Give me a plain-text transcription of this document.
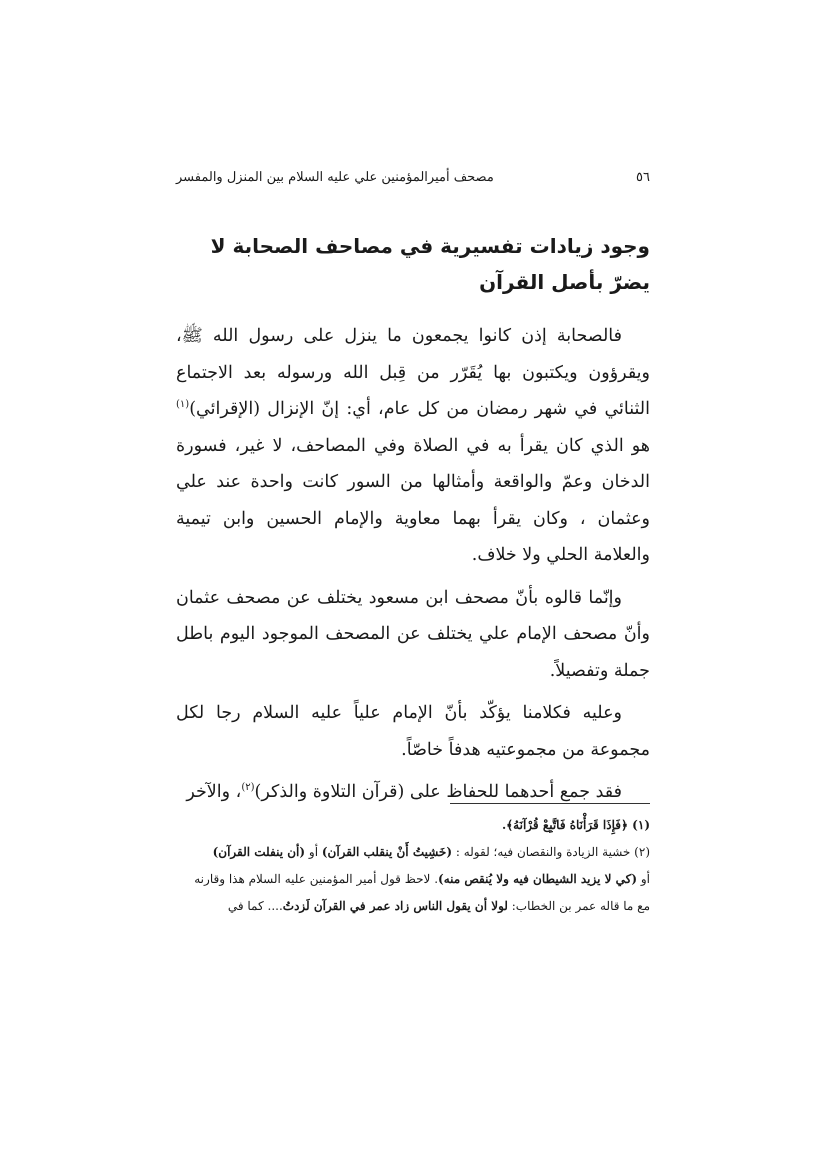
٥٦
مصحف أميرالمؤمنين علي عليه السلام بين المنزل والمفسر
وجود زيادات تفسيرية في مصاحف الصحابة لا يضرّ بأصل القرآن

فالصحابة إذن كانوا يجمعون ما ينزل على رسول الله ﷺ، ويقرؤون ويكتبون بها يُقَرّر من قِبل الله ورسوله بعد الاجتماع الثنائي في شهر رمضان من كل عام، أي: إنّ الإنزال (الإقرائي)$^{(١)}$ هو الذي كان يقرأ به في الصلاة وفي المصاحف، لا غير، فسورة الدخان وعمّ والواقعة وأمثالها من السور كانت واحدة عند علي وعثمان ، وكان يقرأ بهما معاوية والإمام الحسين وابن تيمية والعلامة الحلي ولا خلاف.

وإنّما قالوه بأنّ مصحف ابن مسعود يختلف عن مصحف عثمان وأنّ مصحف الإمام علي يختلف عن المصحف الموجود اليوم باطل جملة وتفصيلاً.

وعليه فكلامنا يؤكّد بأنّ الإمام علياً عليه السلام رجا لكل مجموعة من مجموعتيه هدفاً خاصّاً.

فقد جمع أحدهما للحفاظ على (قرآن التلاوة والذكر)$^{(٢)}$، والآخر

(١) ﴿فَإِذَا قَرَأْنَاهُ فَاتَّبِعْ قُرْآنَهُ﴾.

(٢) خشية الزيادة والنقصان فيه؛ لقوله : (خَشِيتُ أَنْ ينقلب القرآن) أو (أن ينفلت القرآن)

أو (كي لا يزيد الشيطان فيه ولا يُنقص منه). لاحظ قول أمير المؤمنين عليه السلام هذا وقارنه

مع ما قاله عمر بن الخطاب: لولا أن يقول الناس زاد عمر في القرآن لَزدتُ.... كما في
